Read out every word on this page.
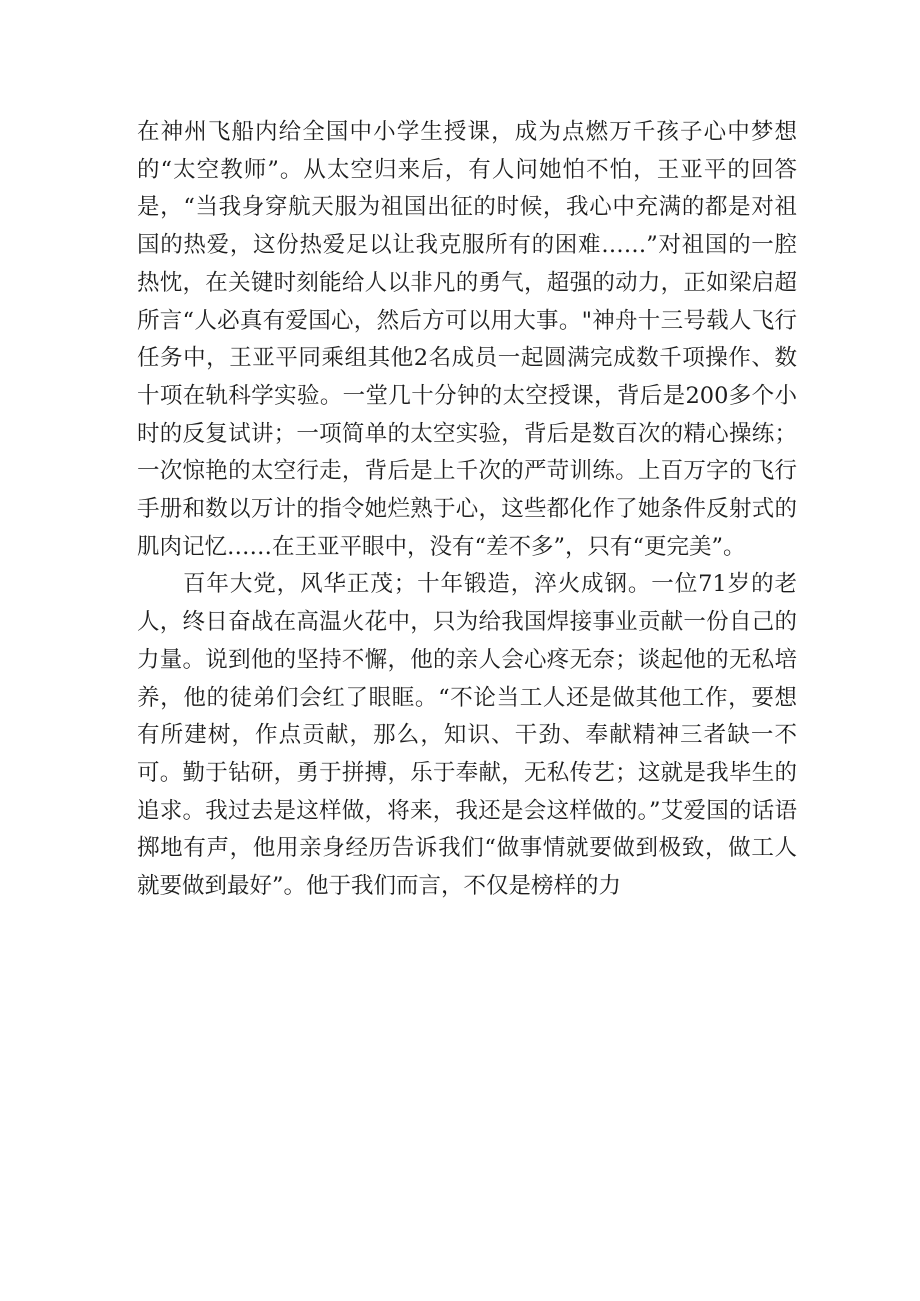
在神州飞船内给全国中小学生授课，成为点燃万千孩子心中梦想的“太空教师”。从太空归来后，有人问她怕不怕，王亚平的回答是，“当我身穿航天服为祖国出征的时候，我心中充满的都是对祖国的热爱，这份热爱足以让我克服所有的困难……”对祖国的一腔热忱，在关键时刻能给人以非凡的勇气，超强的动力，正如梁启超所言“人必真有爱国心，然后方可以用大事。"神舟十三号载人飞行任务中，王亚平同乘组其他2名成员一起圆满完成数千项操作、数十项在轨科学实验。一堂几十分钟的太空授课，背后是200多个小时的反复试讲；一项简单的太空实验，背后是数百次的精心操练；一次惊艳的太空行走，背后是上千次的严苛训练。上百万字的飞行手册和数以万计的指令她烂熟于心，这些都化作了她条件反射式的肌肉记忆……在王亚平眼中，没有“差不多”，只有“更完美”。

百年大党，风华正茂；十年锻造，淬火成钢。一位71岁的老人，终日奋战在高温火花中，只为给我国焊接事业贡献一份自己的力量。说到他的坚持不懈，他的亲人会心疼无奈；谈起他的无私培养，他的徒弟们会红了眼眶。“不论当工人还是做其他工作，要想有所建树，作点贡献，那么，知识、干劲、奉献精神三者缺一不可。勤于钻研，勇于拼搏，乐于奉献，无私传艺；这就是我毕生的追求。我过去是这样做，将来，我还是会这样做的。”艾爱国的话语掷地有声，他用亲身经历告诉我们“做事情就要做到极致，做工人就要做到最好”。他于我们而言，不仅是榜样的力
